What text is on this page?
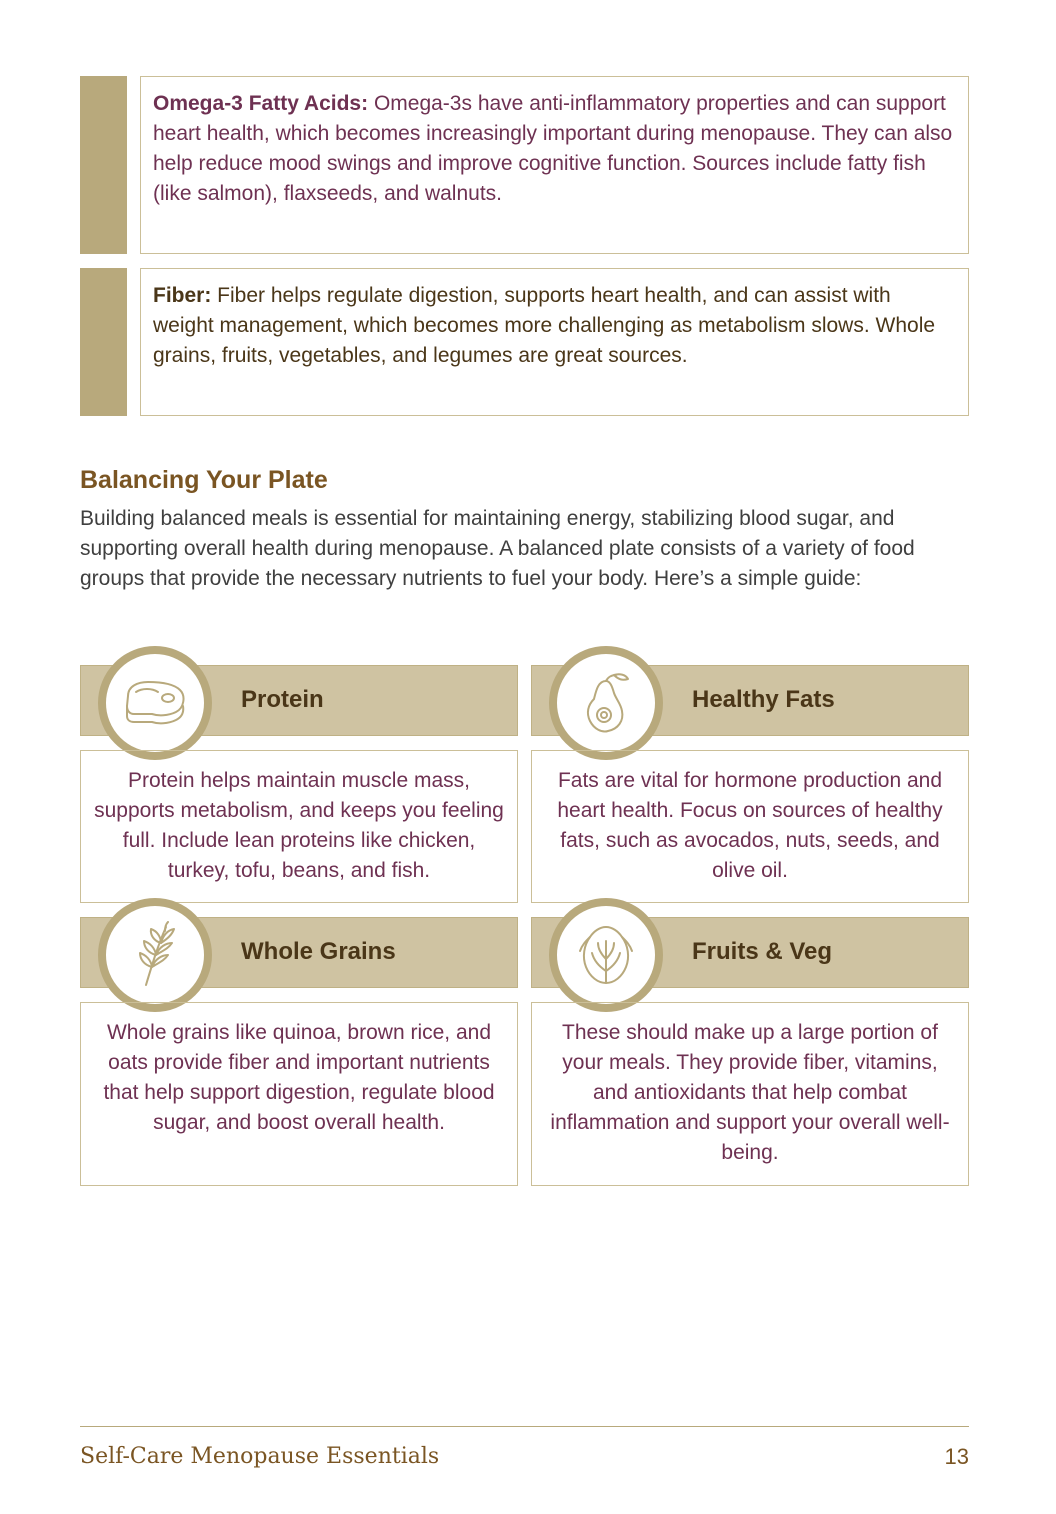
Omega-3 Fatty Acids: Omega-3s have anti-inflammatory properties and can support heart health, which becomes increasingly important during menopause. They can also help reduce mood swings and improve cognitive function. Sources include fatty fish (like salmon), flaxseeds, and walnuts.
Fiber: Fiber helps regulate digestion, supports heart health, and can assist with weight management, which becomes more challenging as metabolism slows. Whole grains, fruits, vegetables, and legumes are great sources.
Balancing Your Plate

Building balanced meals is essential for maintaining energy, stabilizing blood sugar, and supporting overall health during menopause. A balanced plate consists of a variety of food groups that provide the necessary nutrients to fuel your body. Here’s a simple guide:

Protein
Protein helps maintain muscle mass, supports metabolism, and keeps you feeling full. Include lean proteins like chicken, turkey, tofu, beans, and fish.
Healthy Fats
Fats are vital for hormone production and heart health. Focus on sources of healthy fats, such as avocados, nuts, seeds, and olive oil.
Whole Grains
Whole grains like quinoa, brown rice, and oats provide fiber and important nutrients that help support digestion, regulate blood sugar, and boost overall health.
Fruits & Veg
These should make up a large portion of your meals. They provide fiber, vitamins, and antioxidants that help combat inflammation and support your overall well-being.
Self-Care Menopause Essentials	13
